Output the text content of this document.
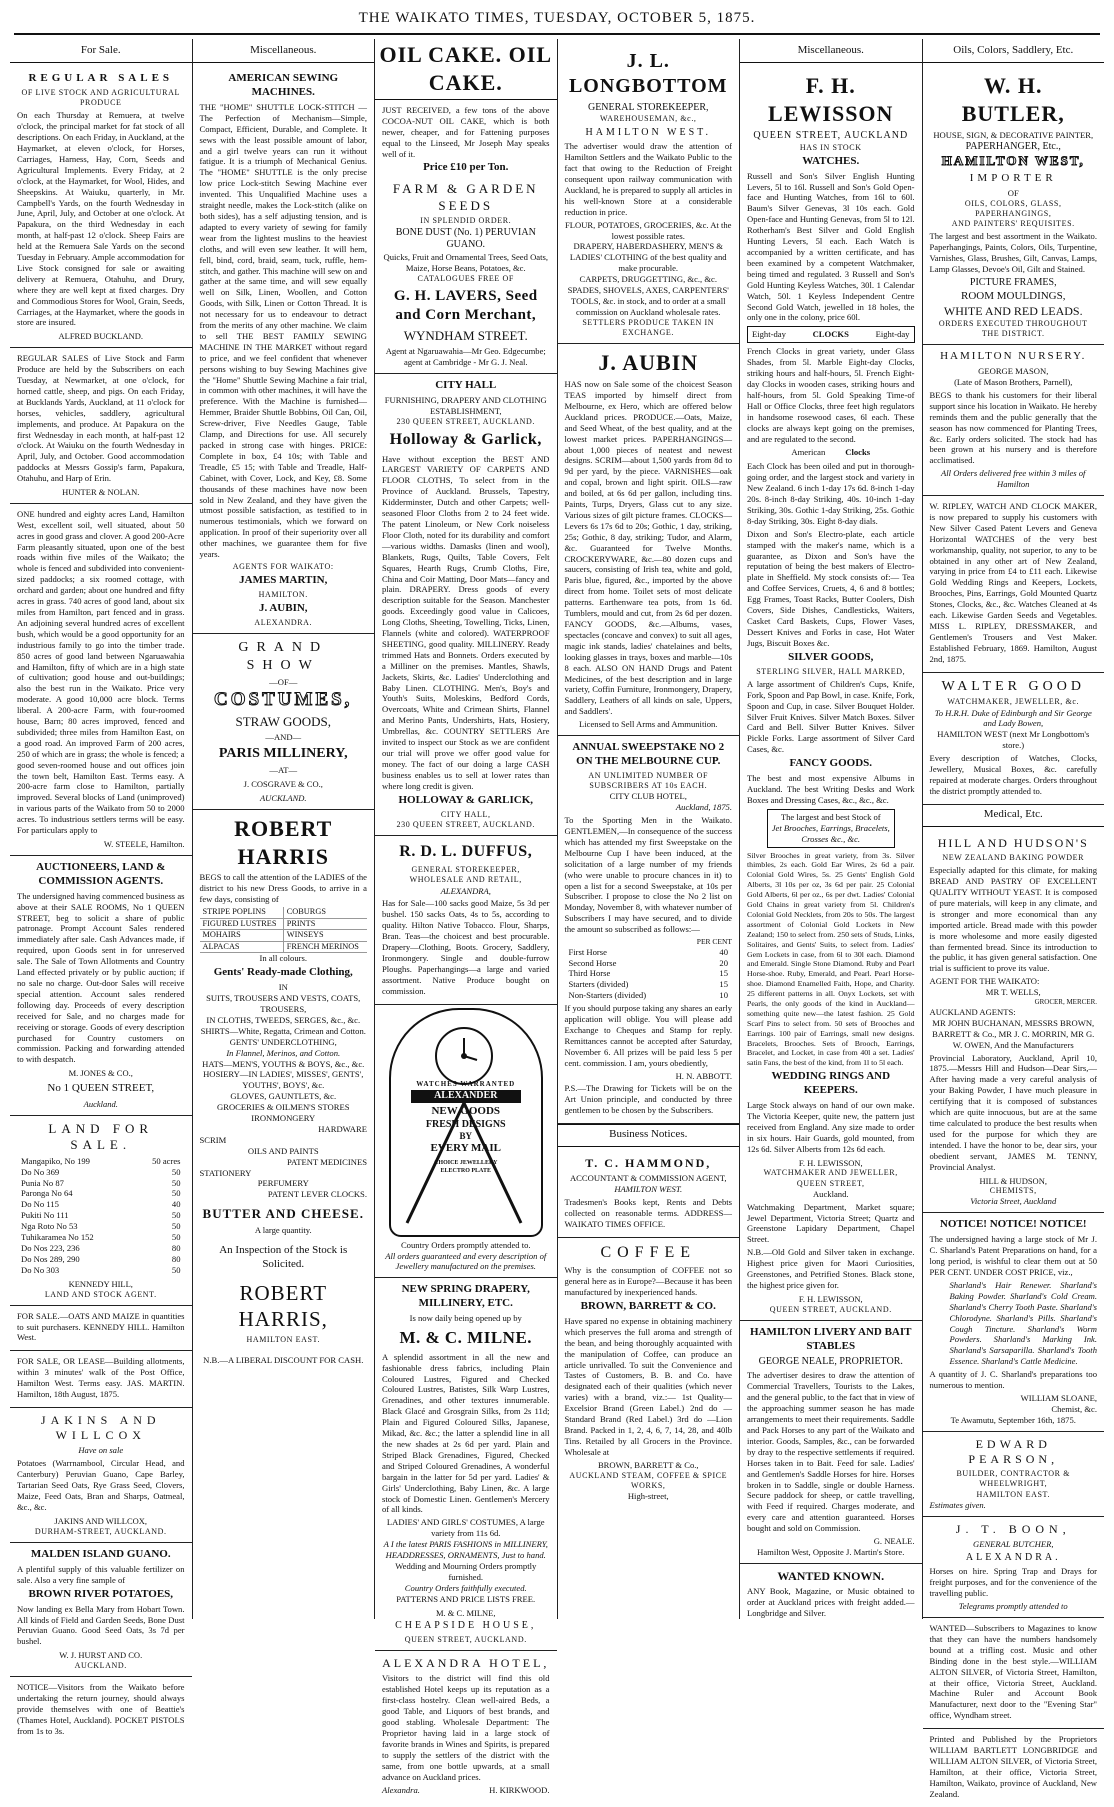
THE WAIKATO TIMES, TUESDAY, OCTOBER 5, 1875.
For Sale.
REGULAR SALES
OF LIVE STOCK AND AGRICULTURAL PRODUCE

On each Thursday at Remuera, at twelve o'clock, the principal market for fat stock of all descriptions. On each Friday, in Auckland, at the Haymarket, at eleven o'clock, for Horses, Carriages, Harness, Hay, Corn, Seeds and Agricultural Implements. Every Friday, at 2 o'clock, at the Haymarket, for Wool, Hides, and Sheepskins. At Waiuku, quarterly, in Mr. Campbell's Yards, on the fourth Wednesday in June, April, July, and October at one o'clock. At Papakura, on the third Wednesday in each month, at half-past 12 o'clock. Sheep Fairs are held at the Remuera Sale Yards on the second Tuesday in February. Ample accommodation for Live Stock consigned for sale or awaiting delivery at Remuera, Otahuhu, and Drury, where they are well kept at fixed charges. Dry and Commodious Stores for Wool, Grain, Seeds, Carriages, at the Haymarket, where the goods in store are insured.

ALFRED BUCKLAND.

REGULAR SALES of Live Stock and Farm Produce are held by the Subscribers on each Tuesday, at Newmarket, at one o'clock, for horned cattle, sheep, and pigs. On each Friday, at Bucklands Yards, Auckland, at 11 o'clock for horses, vehicles, saddlery, agricultural implements, and produce. At Papakura on the first Wednesday in each month, at half-past 12 o'clock. At Waiuku on the fourth Wednesday in April, July, and October. Good accommodation paddocks at Messrs Gossip's farm, Papakura, Otahuhu, and Harp of Erin.

HUNTER & NOLAN.

ONE hundred and eighty acres Land, Hamilton West, excellent soil, well situated, about 50 acres in good grass and clover. A good 200-Acre Farm pleasantly situated, upon one of the best roads within five miles of the Waikato; the whole is fenced and subdivided into convenient-sized paddocks; a six roomed cottage, with orchard and garden; about one hundred and fifty acres in grass. 740 acres of good land, about six miles from Hamilton, part fenced and in grass. An adjoining several hundred acres of excellent bush, which would be a good opportunity for an industrious family to go into the timber trade. 850 acres of good land between Ngaruawahia and Hamilton, fifty of which are in a high state of cultivation; good house and out-buildings; also the best run in the Waikato. Price very moderate. A good 10,000 acre block. Terms liberal. A 200-acre Farm, with four-roomed house, Barn; 80 acres improved, fenced and subdivided; three miles from Hamilton East, on a good road. An improved Farm of 200 acres, 250 of which are in grass; the whole is fenced; a good seven-roomed house and out offices join the town belt, Hamilton East. Terms easy. A 200-acre farm close to Hamilton, partially improved. Several blocks of Land (unimproved) in various parts of the Waikato from 50 to 2000 acres. To industrious settlers terms will be easy. For particulars apply to

W. STEELE, Hamilton.
AUCTIONEERS, LAND & COMMISSION AGENTS.

The undersigned having commenced business as above at their SALE ROOMS, No 1 QUEEN STREET, beg to solicit a share of public patronage. Prompt Account Sales rendered immediately after sale. Cash Advances made, if required, upon Goods sent in for unreserved sale. The Sale of Town Allotments and Country Land effected privately or by public auction; if no sale no charge. Out-door Sales will receive special attention. Account sales rendered following day. Proceeds of every description received for Sale, and no charges made for receiving or storage. Goods of every description purchased for Country customers on commission. Packing and forwarding attended to with despatch.

M. JONES & CO.,
No 1 QUEEN STREET,
Auckland.
LAND FOR SALE.
Mangapiko, No 199	50 acres
Do No 369	50
Punia No 87	50
Paronga No 64	50
Do No 115	40
Pukiti No 111	50
Nga Roto No 53	50
Tuhikaramea No 152	50
Do Nos 223, 236	80
Do Nos 289, 290	80
Do No 303	50
KENNEDY HILL,
LAND AND STOCK AGENT.

FOR SALE.—OATS AND MAIZE in quantities to suit purchasers. KENNEDY HILL. Hamilton West.

FOR SALE, OR LEASE—Building allotments, within 3 minutes' walk of the Post Office, Hamilton West. Terms easy. JAS. MARTIN. Hamilton, 18th August, 1875.

JAKINS AND WILLCOX
Have on sale

Potatoes (Warrnambool, Circular Head, and Canterbury) Peruvian Guano, Cape Barley, Tartarian Seed Oats, Rye Grass Seed, Clovers, Maize, Feed Oats, Bran and Sharps, Oatmeal, &c., &c.

JAKINS AND WILLCOX,
DURHAM-STREET, AUCKLAND.
MALDEN ISLAND GUANO.

A plentiful supply of this valuable fertilizer on sale. Also a very fine sample of

BROWN RIVER POTATOES,

Now landing ex Bella Mary from Hobart Town. All kinds of Field and Garden Seeds, Bone Dust Peruvian Guano. Good Seed Oats, 3s 7d per bushel.

W. J. HURST AND CO.
AUCKLAND.

NOTICE—Visitors from the Waikato before undertaking the return journey, should always provide themselves with one of Beattie's (Thames Hotel, Auckland). POCKET PISTOLS from 1s to 3s.

Miscellaneous.
AMERICAN SEWING MACHINES.

THE "HOME" SHUTTLE LOCK-STITCH —The Perfection of Mechanism—Simple, Compact, Efficient, Durable, and Complete. It sews with the least possible amount of labor, and a girl twelve years can run it without fatigue. It is a triumph of Mechanical Genius. The "HOME" SHUTTLE is the only precise low price Lock-stitch Sewing Machine ever invented. This Unqualified Machine uses a straight needle, makes the Lock-stitch (alike on both sides), has a self adjusting tension, and is adapted to every variety of sewing for family wear from the lightest muslins to the heaviest cloths, and will even sew leather. It will hem, fell, bind, cord, braid, seam, tuck, ruffle, hem-stitch, and gather. This machine will sew on and gather at the same time, and will sew equally well on Silk, Linen, Woollen, and Cotton Goods, with Silk, Linen or Cotton Thread. It is not necessary for us to endeavour to detract from the merits of any other machine. We claim to sell THE BEST FAMILY SEWING MACHINE IN THE MARKET without regard to price, and we feel confident that whenever persons wishing to buy Sewing Machines give the "Home" Shuttle Sewing Machine a fair trial, in common with other machines, it will have the preference. With the Machine is furnished—Hemmer, Braider Shuttle Bobbins, Oil Can, Oil, Screw-driver, Five Needles Gauge, Table Clamp, and Directions for use. All securely packed in strong case with hinges. PRICE: Complete in box, £4 10s; with Table and Treadle, £5 15; with Table and Treadle, Half-Cabinet, with Cover, Lock, and Key, £8. Some thousands of these machines have now been sold in New Zealand, and they have given the utmost possible satisfaction, as testified to in numerous testimonials, which we forward on application. In proof of their superiority over all other machines, we guarantee them for five years.

AGENTS FOR WAIKATO:
JAMES MARTIN,
HAMILTON.
J. AUBIN,
ALEXANDRA.
GRAND SHOW
—OF—
COSTUMES,
STRAW GOODS,
—AND—
PARIS MILLINERY,
—AT—
J. COSGRAVE & CO.,
AUCKLAND.
ROBERT HARRIS

BEGS to call the attention of the LADIES of the district to his new Dress Goods, to arrive in a few days, consisting of

STRIPE POPLINS	COBURGS
FIGURED LUSTRES	PRINTS
MOHAIRS	WINSEYS
ALPACAS	FRENCH MERINOS
In all colours.
Gents' Ready-made Clothing,
IN
SUITS, TROUSERS AND VESTS, COATS, TROUSERS,
IN CLOTHS, TWEEDS, SERGES, &c., &c.
SHIRTS—White, Regatta, Crimean and Cotton.
GENTS' UNDERCLOTHING,
In Flannel, Merinos, and Cotton.
HATS—MEN'S, YOUTHS & BOYS, &c., &c.
HOSIERY—IN LADIES', MISSES', GENTS', YOUTHS', BOYS', &c.
GLOVES, GAUNTLETS, &c.
GROCERIES & OILMEN'S STORES
IRONMONGERY
HARDWARE
SCRIM
OILS AND PAINTS
PATENT MEDICINES
STATIONERY
PERFUMERY
PATENT LEVER CLOCKS.
BUTTER AND CHEESE.
A large quantity.
An Inspection of the Stock is Solicited.
ROBERT HARRIS,
HAMILTON EAST.
N.B.—A LIBERAL DISCOUNT FOR CASH.
OIL CAKE. OIL CAKE.

JUST RECEIVED, a few tons of the above COCOA-NUT OIL CAKE, which is both newer, cheaper, and for Fattening purposes equal to the Linseed, Mr Joseph May speaks well of it.

Price £10 per Ton.
FARM & GARDEN SEEDS
IN SPLENDID ORDER.
BONE DUST (No. 1) PERUVIAN GUANO.
Quicks, Fruit and Ornamental Trees, Seed Oats, Maize, Horse Beans, Potatoes, &c.
CATALOGUES FREE OF
G. H. LAVERS, Seed and Corn Merchant,
WYNDHAM STREET.
Agent at Ngaruawahia—Mr Geo. Edgecumbe; agent at Cambridge - Mr G. J. Neal.
CITY HALL
FURNISHING, DRAPERY AND CLOTHING ESTABLISHMENT,
230 QUEEN STREET, AUCKLAND.
Holloway & Garlick,

Have without exception the BEST AND LARGEST VARIETY OF CARPETS AND FLOOR CLOTHS, To select from in the Province of Auckland. Brussels, Tapestry, Kidderminster, Dutch and other Carpets; well-seasoned Floor Cloths from 2 to 24 feet wide. The patent Linoleum, or New Cork noiseless Floor Cloth, noted for its durability and comfort—various widths. Damasks (linen and wool), Blankets, Rugs, Quilts, Table Covers, Felt Squares, Hearth Rugs, Crumb Cloths, Fire, China and Coir Matting, Door Mats—fancy and plain. DRAPERY. Dress goods of every description suitable for the Season. Manchester goods. Exceedingly good value in Calicoes, Long Cloths, Sheeting, Towelling, Ticks, Linen, Flannels (white and colored). WATERPROOF SHEETING, good quality. MILLINERY. Ready trimmed Hats and Bonnets. Orders executed by a Milliner on the premises. Mantles, Shawls, Jackets, Skirts, &c. Ladies' Underclothing and Baby Linen. CLOTHING. Men's, Boy's and Youth's Suits, Moleskins, Bedford Cords, Overcoats, White and Crimean Shirts, Flannel and Merino Pants, Undershirts, Hats, Hosiery, Umbrellas, &c. COUNTRY SETTLERS Are invited to inspect our Stock as we are confident our trial will prove we offer good value for money. The fact of our doing a large CASH business enables us to sell at lower rates than where long credit is given.

HOLLOWAY & GARLICK,
CITY HALL,
230 QUEEN STREET, AUCKLAND.
R. D. L. DUFFUS,
GENERAL STOREKEEPER,
WHOLESALE AND RETAIL,
ALEXANDRA,

Has for Sale—100 sacks good Maize, 5s 3d per bushel. 150 sacks Oats, 4s to 5s, according to quality. Hilton Native Tobacco. Flour, Sharps, Bran. Teas—the choicest and best procurable. Drapery—Clothing, Boots. Grocery, Saddlery, Ironmongery. Single and double-furrow Ploughs. Paperhangings—a large and varied assortment. Native Produce bought on commission.

WATCHES WARRANTED
ALEXANDER
NEW GOODS
FRESH DESIGNS
BY
EVERY MAIL
CHOICE JEWELLERY
ELECTRO PLATE
Country Orders promptly attended to.
All orders guaranteed and every description of Jewellery manufactured on the premises.
NEW SPRING DRAPERY, MILLINERY, ETC.
Is now daily being opened up by
M. & C. MILNE.

A splendid assortment in all the new and fashionable dress fabrics, including Plain Coloured Lustres, Figured and Checked Coloured Lustres, Batistes, Silk Warp Lustres, Grenadines, and other textures innumerable. Black Glacé and Grosgrain Silks, from 2s 11d; Plain and Figured Coloured Silks, Japanese, Mikad, &c. &c.; the latter a splendid line in all the new shades at 2s 6d per yard. Plain and Striped Black Grenadines, Figured, Checked and Striped Coloured Grenadines, A wonderful bargain in the latter for 5d per yard. Ladies' & Girls' Underclothing, Baby Linen, &c. A large stock of Domestic Linen. Gentlemen's Mercery of all kinds.

LADIES' AND GIRLS' COSTUMES, A large variety from 11s 6d.
A I the latest PARIS FASHIONS in MILLINERY, HEADDRESSES, ORNAMENTS, Just to hand.
Wedding and Mourning Orders promptly furnished.
Country Orders faithfully executed.
PATTERNS AND PRICE LISTS FREE.
M. & C. MILNE,
CHEAPSIDE HOUSE,
QUEEN STREET, AUCKLAND.
ALEXANDRA HOTEL,

Visitors to the district will find this old established Hotel keeps up its reputation as a first-class hostelry. Clean well-aired Beds, a good Table, and Liquors of best brands, and good stabling. Wholesale Department: The Proprietor having laid in a large stock of favorite brands in Wines and Spirits, is prepared to supply the settlers of the district with the same, from one bottle upwards, at a small advance on Auckland prices.

Alexandra.	H. KIRKWOOD.
J. L. LONGBOTTOM
GENERAL STOREKEEPER,
WAREHOUSEMAN, &c.,
HAMILTON WEST.

The advertiser would draw the attention of Hamilton Settlers and the Waikato Public to the fact that owing to the Reduction of Freight consequent upon railway communication with Auckland, he is prepared to supply all articles in his well-known Store at a considerable reduction in price.

FLOUR, POTATOES, GROCERIES, &c. At the lowest possible rates.
DRAPERY, HABERDASHERY, MEN'S & LADIES' CLOTHING of the best quality and make procurable.
CARPETS, DRUGGETTING, &c., &c.
SPADES, SHOVELS, AXES, CARPENTERS' TOOLS, &c. in stock, and to order at a small commission on Auckland wholesale rates.
SETTLERS PRODUCE TAKEN IN EXCHANGE.
J. AUBIN

HAS now on Sale some of the choicest Season TEAS imported by himself direct from Melbourne, ex Hero, which are offered below Auckland prices. PRODUCE.—Oats, Maize, and Seed Wheat, of the best quality, and at the lowest market prices. PAPERHANGINGS—about 1,000 pieces of neatest and newest designs. SCRIM—about 1,500 yards from 8d to 9d per yard, by the piece. VARNISHES—oak and copal, brown and light spirit. OILS—raw and boiled, at 6s 6d per gallon, including tins. Paints, Turps, Dryers, Glass cut to any size. Various sizes of gilt picture frames. CLOCKS—Levers 6s 17s 6d to 20s; Gothic, 1 day, striking, 25s; Gothic, 8 day, striking; Tudor, and Alarm, &c. Guaranteed for Twelve Months. CROCKERYWARE, &c.—80 dozen cups and saucers, consisting of Irish tea, white and gold, Paris blue, figured, &c., imported by the above direct from home. Toilet sets of most delicate patterns. Earthenware tea pots, from 1s 6d. Tumblers, mould and cut, from 2s 6d per dozen. FANCY GOODS, &c.—Albums, vases, spectacles (concave and convex) to suit all ages, magic ink stands, ladies' chatelaines and belts, looking glasses in trays, boxes and marble—10s 8 each. ALSO ON HAND Drugs and Patent Medicines, of the best description and in large variety, Coffin Furniture, Ironmongery, Drapery, Saddlery, Leathers of all kinds on sale, Uppers, and Saddlers'.

Licensed to Sell Arms and Ammunition.
ANNUAL SWEEPSTAKE NO 2 ON THE MELBOURNE CUP.
AN UNLIMITED NUMBER OF SUBSCRIBERS AT 10s EACH.
CITY CLUB HOTEL,
Auckland, 1875.

To the Sporting Men in the Waikato. GENTLEMEN,—In consequence of the success which has attended my first Sweepstake on the Melbourne Cup I have been induced, at the solicitation of a large number of my friends (who were unable to procure chances in it) to open a list for a second Sweepstake, at 10s per Subscriber. I propose to close the No 2 list on Monday, November 8, with whatever number of Subscribers I may have secured, and to divide the amount so subscribed as follows:—

PER CENT
First Horse	40
Second Horse	20
Third Horse	15
Starters (divided)	15
Non-Starters (divided)	10

If you should purpose taking any shares an early application will oblige. You will please add Exchange to Cheques and Stamp for reply. Remittances cannot be accepted after Saturday, November 6. All prizes will be paid less 5 per cent. commission. I am, yours obediently,

H. N. ABBOTT.

P.S.—The Drawing for Tickets will be on the Art Union principle, and conducted by three gentlemen to be chosen by the Subscribers.

Business Notices.
T. C. HAMMOND,
ACCOUNTANT & COMMISSION AGENT,
HAMILTON WEST.

Tradesmen's Books kept, Rents and Debts collected on reasonable terms. ADDRESS—WAIKATO TIMES OFFICE.

COFFEE

Why is the consumption of COFFEE not so general here as in Europe?—Because it has been manufactured by inexperienced hands.

BROWN, BARRETT & CO.

Have spared no expense in obtaining machinery which preserves the full aroma and strength of the bean, and being thoroughly acquainted with the manipulation of Coffee, can produce an article unrivalled. To suit the Convenience and Tastes of Customers, B. B. and Co. have designated each of their qualities (which never varies) with a brand, viz.:— 1st Quality—Excelsior Brand (Green Label.) 2nd do —Standard Brand (Red Label.) 3rd do —Lion Brand. Packed in 1, 2, 4, 6, 7, 14, 28, and 40lb Tins. Retailed by all Grocers in the Province. Wholesale at

BROWN, BARRETT & Co.,
AUCKLAND STEAM, COFFEE & SPICE WORKS,
High-street,
Miscellaneous.
F. H. LEWISSON
QUEEN STREET, AUCKLAND
HAS IN STOCK
WATCHES.

Russell and Son's Silver English Hunting Levers, 5l to 16l. Russell and Son's Gold Open-face and Hunting Watches, from 16l to 60l. Baum's Silver Genevas, 3l 10s each. Gold Open-face and Hunting Genevas, from 5l to 12l. Rotherham's Best Silver and Gold English Hunting Levers, 5l each. Each Watch is accompanied by a written certificate, and has been examined by a competent Watchmaker, being timed and regulated. 3 Russell and Son's Gold Hunting Keyless Watches, 30l. 1 Calendar Watch, 50l. 1 Keyless Independent Centre Second Gold Watch, jewelled in 18 holes, the only one in the colony, price 60l.

Eight-day	CLOCKS	Eight-day

French Clocks in great variety, under Glass Shades, from 5l. Marble Eight-day Clocks, striking hours and half-hours, 5l. French Eight-day Clocks in wooden cases, striking hours and half-hours, from 5l. Gold Speaking Time-of Hall or Office Clocks, three feet high regulators in handsome rosewood cases, 6l each. These clocks are always kept going on the premises, and are regulated to the second.

American Clocks

Each Clock has been oiled and put in thorough-going order, and the largest stock and variety in New Zealand. 6 inch 1-day 17s 6d. 8-inch 1-day 20s. 8-inch 8-day Striking, 40s. 10-inch 1-day Striking, 30s. Gothic 1-day Striking, 25s. Gothic 8-day Striking, 30s. Eight 8-day dials.

Dixon and Son's Electro-plate, each article stamped with the maker's name, which is a guarantee, as Dixon and Son's have the reputation of being the best makers of Electro-plate in Sheffield. My stock consists of:— Tea and Coffee Services, Cruets, 4, 6 and 8 bottles; Egg Frames, Toast Racks, Butter Coolers, Dish Covers, Side Dishes, Candlesticks, Waiters, Casket Card Baskets, Cups, Flower Vases, Dessert Knives and Forks in case, Hot Water Jugs, Biscuit Boxes &c.

SILVER GOODS,
STERLING SILVER, HALL MARKED,

A large assortment of Children's Cups, Knife, Fork, Spoon and Pap Bowl, in case. Knife, Fork, Spoon and Cup, in case. Silver Bouquet Holder. Silver Fruit Knives. Silver Match Boxes. Silver Card and Bell. Silver Butter Knives. Silver Pickle Forks. Large assortment of Silver Card Cases, &c.

FANCY GOODS.

The best and most expensive Albums in Auckland. The best Writing Desks and Work Boxes and Dressing Cases, &c., &c., &c.

The largest and best Stock of
Jet Brooches, Earrings, Bracelets, Crosses &c., &c.

Silver Brooches in great variety, from 3s. Silver thimbles, 2s each. Gold Ear Wires, 2s 6d a pair. Colonial Gold Wires, 5s. 25 Gents' English Gold Alberts, 3l 10s per oz, 3s 6d per pair. 25 Colonial Gold Alberts, 6l per oz., 6s per dwt. Ladies' Colonial Gold Chains in great variety from 5l. Children's Colonial Gold Necklets, from 20s to 50s. The largest assortment of Colonial Gold Lockets in New Zealand; 150 to select from. 250 sets of Studs, Links, Solitaires, and Gents' Suits, to select from. Ladies' Gem Lockets in case, from 6l to 30l each. Diamond and Emerald. Single Stone Diamond. Ruby and Pearl Horse-shoe. Ruby, Emerald, and Pearl. Pearl Horse-shoe. Diamond Enamelled Faith, Hope, and Charity. 25 different patterns in all. Onyx Lockets, set with Pearls, the only goods of the kind in Auckland—something quite new—the latest fashion. 25 Gold Scarf Pins to select from. 50 sets of Brooches and Earrings. 100 pair of Earrings, small new designs. Bracelets, Brooches. Sets of Brooch, Earrings, Bracelet, and Locket, in case from 40l a set. Ladies' satin Fans, the best of the kind, from 1l to 5l each.

WEDDING RINGS AND KEEPERS.

Large Stock always on hand of our own make. The Victoria Keeper, quite new, the pattern just received from England. Any size made to order in six hours. Hair Guards, gold mounted, from 12s 6d. Silver Alberts from 12s 6d each.

F. H. LEWISSON,
WATCHMAKER AND JEWELLER,
QUEEN STREET,
Auckland.

Watchmaking Department, Market square; Jewel Department, Victoria Street; Quartz and Greenstone Lapidary Department, Chapel Street.

N.B.—Old Gold and Silver taken in exchange. Highest price given for Maori Curiosities, Greenstones, and Petrified Stones. Black stone, the highest price given for.

F. H. LEWISSON,
QUEEN STREET, AUCKLAND.
HAMILTON LIVERY AND BAIT STABLES
GEORGE NEALE, PROPRIETOR.

The advertiser desires to draw the attention of Commercial Travellers, Tourists to the Lakes, and the general public, to the fact that in view of the approaching summer season he has made arrangements to meet their requirements. Saddle and Pack Horses to any part of the Waikato and interior. Goods, Samples, &c., can be forwarded by dray to the respective settlements if required. Horses taken in to Bait. Feed for sale. Ladies' and Gentlemen's Saddle Horses for hire. Horses broken in to Saddle, single or double Harness. Secure paddock for sheep, or cattle travelling, with Feed if required. Charges moderate, and every care and attention guaranteed. Horses bought and sold on Commission.

G. NEALE.
Hamilton West, Opposite J. Martin's Store.
WANTED KNOWN.

ANY Book, Magazine, or Music obtained to order at Auckland prices with freight added.—Longbridge and Silver.

Oils, Colors, Saddlery, Etc.
W. H. BUTLER,
HOUSE, SIGN, & DECORATIVE PAINTER,
PAPERHANGER, Etc.,
HAMILTON WEST,
IMPORTER
OF
OILS, COLORS, GLASS, PAPERHANGINGS,
AND PAINTERS' REQUISITES.

The largest and best assortment in the Waikato. Paperhangings, Paints, Colors, Oils, Turpentine, Varnishes, Glass, Brushes, Gilt, Canvas, Lamps, Lamp Glasses, Devoe's Oil, Gilt and Stained.

PICTURE FRAMES,
ROOM MOULDINGS,
WHITE AND RED LEADS.
ORDERS EXECUTED THROUGHOUT THE DISTRICT.
HAMILTON NURSERY.
GEORGE MASON,
(Late of Mason Brothers, Parnell),

BEGS to thank his customers for their liberal support since his location in Waikato. He hereby reminds them and the public generally that the season has now commenced for Planting Trees, &c. Early orders solicited. The stock had has been grown at his nursery and is therefore acclimatised.

All Orders delivered free within 3 miles of Hamilton

W. RIPLEY, WATCH AND CLOCK MAKER, is now prepared to supply his customers with New Silver Cased Patent Levers and Geneva Horizontal WATCHES of the very best workmanship, quality, not superior, to any to be obtained in any other art of New Zealand, varying in price from £4 to £11 each. Likewise Gold Wedding Rings and Keepers, Lockets, Brooches, Pins, Earrings, Gold Mounted Quartz Stones, Clocks, &c., &c. Watches Cleaned at 4s each. Likewise Garden Seeds and Vegetables. MISS L. RIPLEY, DRESSMAKER, and Gentlemen's Trousers and Vest Maker. Established February, 1869. Hamilton, August 2nd, 1875.

WALTER GOOD
WATCHMAKER, JEWELLER, &c.
To H.R.H. Duke of Edinburgh and Sir George and Lady Bowen,
HAMILTON WEST (next Mr Longbottom's store.)

Every description of Watches, Clocks, Jewellery, Musical Boxes, &c. carefully repaired at moderate charges. Orders throughout the district promptly attended to.

Medical, Etc.
HILL AND HUDSON'S
NEW ZEALAND BAKING POWDER

Especially adapted for this climate, for making BREAD AND PASTRY OF EXCELLENT QUALITY WITHOUT YEAST. It is composed of pure materials, will keep in any climate, and is stronger and more economical than any imported article. Bread made with this powder is more wholesome and more easily digested than fermented bread. Since its introduction to the public, it has given general satisfaction. One trial is sufficient to prove its value.

AGENT FOR THE WAIKATO:
MR T. WELLS,
GROCER, MERCER.
AUCKLAND AGENTS:
MR JOHN BUCHANAN, MESSRS BROWN, BARRETT & Co., MR J. C. MORRIN, MR G. W. OWEN, And the Manufacturers

Provincial Laboratory, Auckland, April 10, 1875.—Messrs Hill and Hudson—Dear Sirs,—After having made a very careful analysis of your Baking Powder, I have much pleasure in certifying that it is composed of substances which are quite innocuous, but are at the same time calculated to produce the best results when used for the purpose for which they are intended. I have the honor to be, dear sirs, your obedient servant, JAMES M. TENNY, Provincial Analyst.

HILL & HUDSON,
CHEMISTS,
Victoria Street, Auckland
NOTICE! NOTICE! NOTICE!

The undersigned having a large stock of Mr J. C. Sharland's Patent Preparations on hand, for a long period, is wishful to clear them out at 50 PER CENT. UNDER COST PRICE, viz.,

Sharland's Hair Renewer. Sharland's Baking Powder. Sharland's Cold Cream. Sharland's Cherry Tooth Paste. Sharland's Chlorodyne. Sharland's Pills. Sharland's Cough Tincture. Sharland's Worm Powders. Sharland's Marking Ink. Sharland's Sarsaparilla. Sharland's Tooth Essence. Sharland's Cattle Medicine.

A quantity of J. C. Sharland's preparations too numerous to mention.

WILLIAM SLOANE,
Chemist, &c.
Te Awamutu, September 16th, 1875.
EDWARD PEARSON,
BUILDER, CONTRACTOR & WHEELWRIGHT,
HAMILTON EAST.
Estimates given.
J. T. BOON,
GENERAL BUTCHER,
ALEXANDRA.

Horses on hire. Spring Trap and Drays for freight purposes, and for the convenience of the travelling public.

Telegrams promptly attended to

WANTED—Subscribers to Magazines to know that they can have the numbers handsomely bound at a trifling cost. Music and other Binding done in the best style.—WILLIAM ALTON SILVER, of Victoria Street, Hamilton, at their office, Victoria Street, Auckland. Machine Ruler and Account Book Manufacturer, next door to the "Evening Star" office, Wyndham street.

Printed and Published by the Proprietors WILLIAM BARTLETT LONGBRIDGE and WILLIAM ALTON SILVER, of Victoria Street, Hamilton, at their office, Victoria Street, Hamilton, Waikato, province of Auckland, New Zealand.
